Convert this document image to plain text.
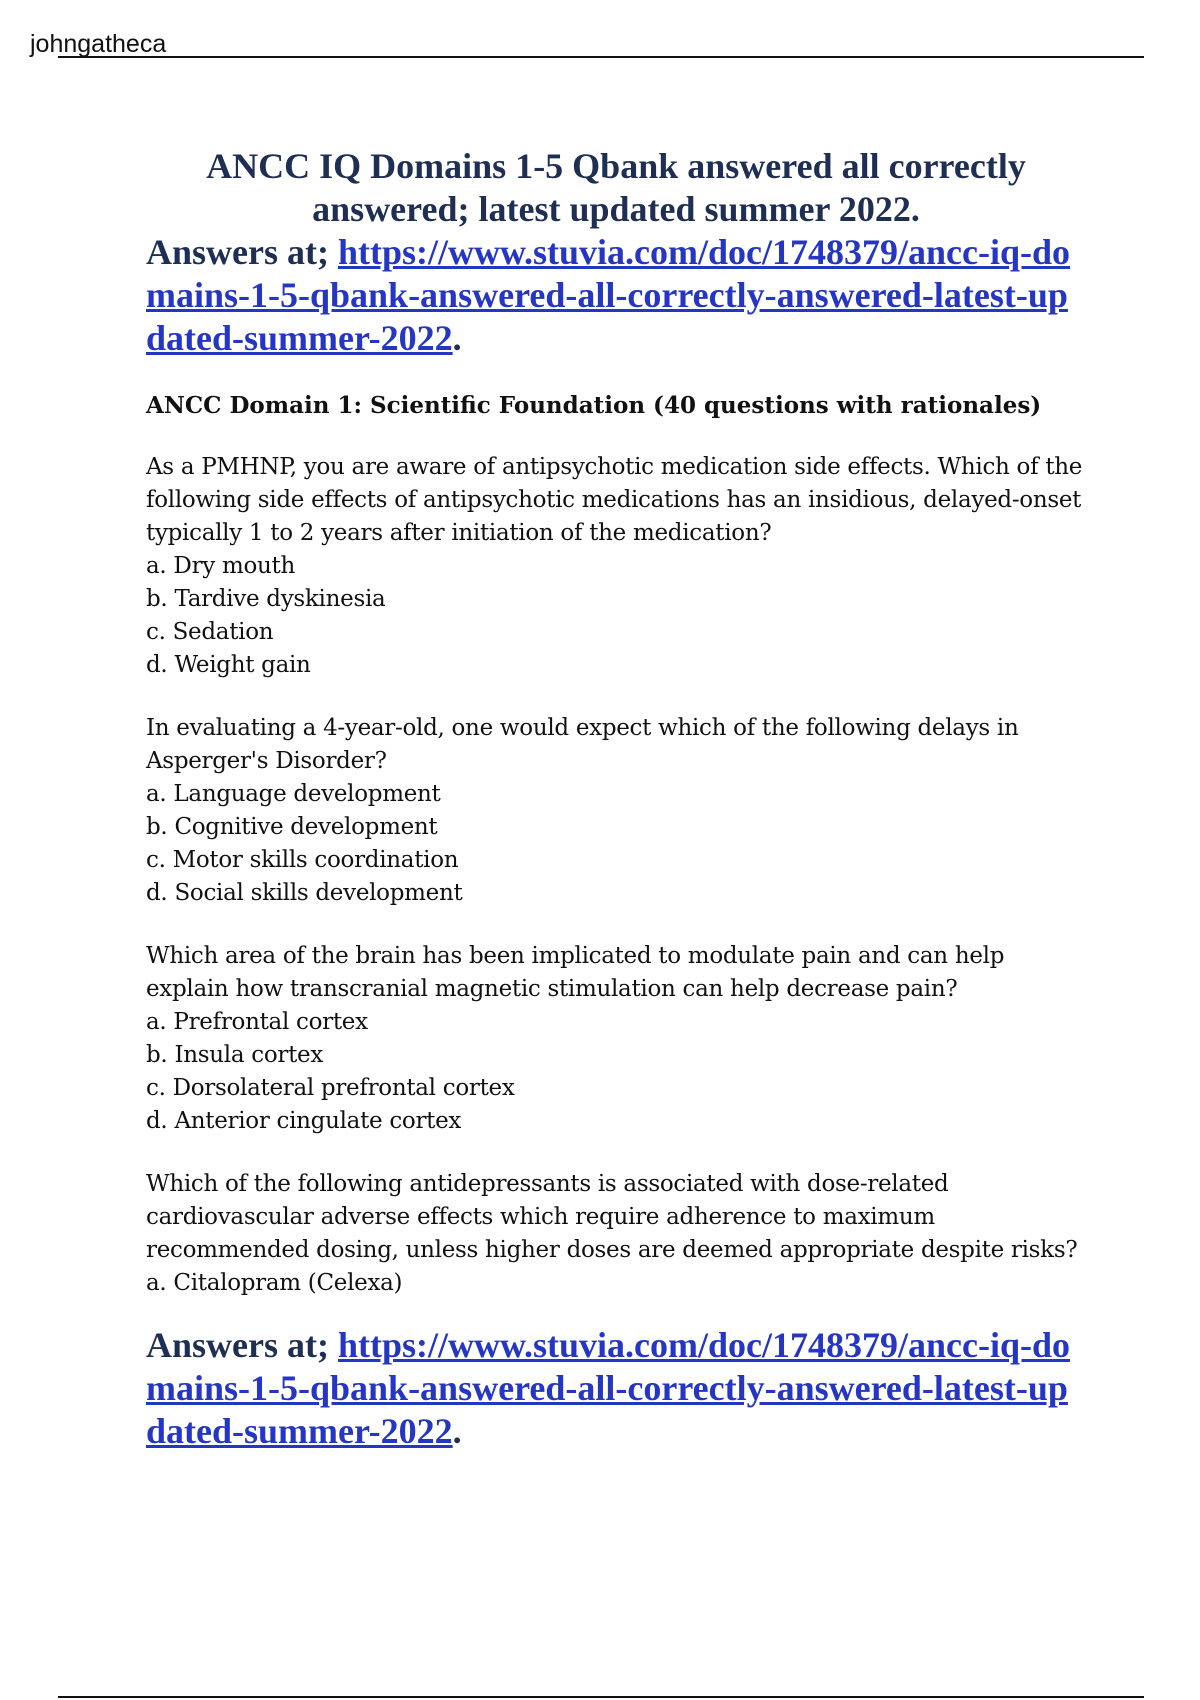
johngatheca
ANCC IQ Domains 1-5 Qbank answered all correctly
answered; latest updated summer 2022.

Answers at; https://www.stuvia.com/doc/1748379/ancc-iq-domains-1-5-qbank-answered-all-correctly-answered-latest-updated-summer-2022.

ANCC Domain 1: Scientific Foundation (40 questions with rationales)

As a PMHNP, you are aware of antipsychotic medication side effects. Which of the following side effects of antipsychotic medications has an insidious, delayed-onset typically 1 to 2 years after initiation of the medication?

a. Dry mouth

b. Tardive dyskinesia

c. Sedation

d. Weight gain

In evaluating a 4-year-old, one would expect which of the following delays in Asperger's Disorder?

a. Language development

b. Cognitive development

c. Motor skills coordination

d. Social skills development

Which area of the brain has been implicated to modulate pain and can help explain how transcranial magnetic stimulation can help decrease pain?

a. Prefrontal cortex

b. Insula cortex

c. Dorsolateral prefrontal cortex

d. Anterior cingulate cortex

Which of the following antidepressants is associated with dose-related cardiovascular adverse effects which require adherence to maximum recommended dosing, unless higher doses are deemed appropriate despite risks?

a. Citalopram (Celexa)

Answers at; https://www.stuvia.com/doc/1748379/ancc-iq-domains-1-5-qbank-answered-all-correctly-answered-latest-updated-summer-2022.
